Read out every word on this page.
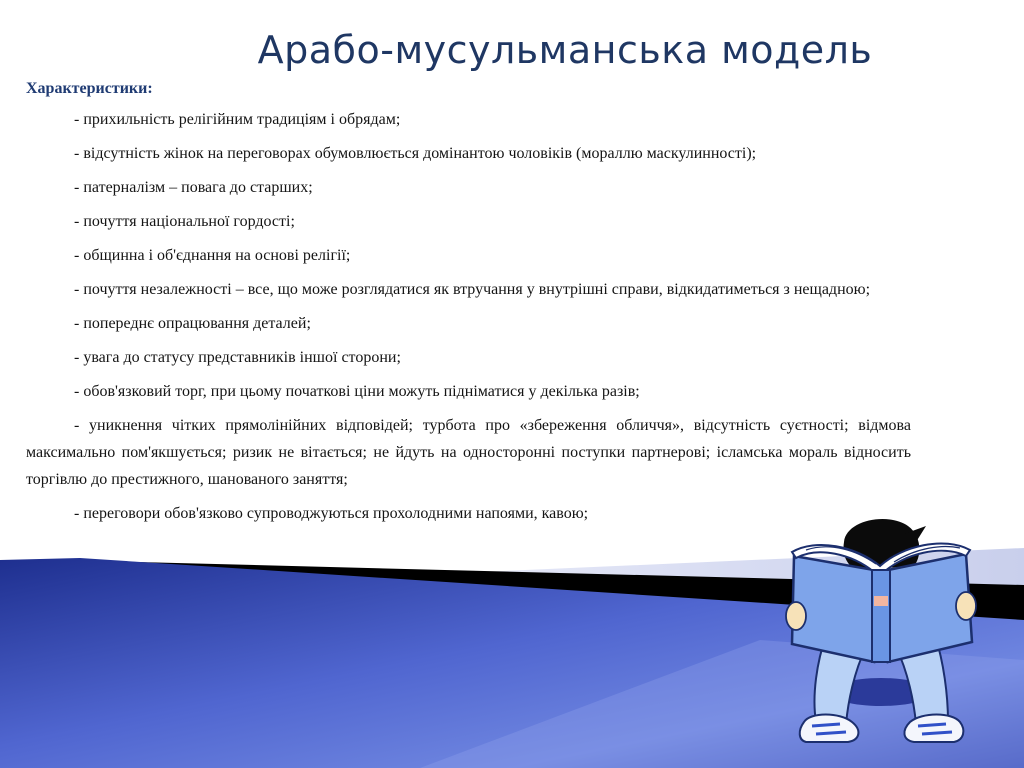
Арабо-мусульманська модель

Характеристики:

- прихильність релігійним традиціям і обрядам;
- відсутність жінок на переговорах обумовлюється домінантою чоловіків (мораллю маскулинності);
- патерналізм – повага до старших;
- почуття національної гордості;
- общинна і об'єднання на основі релігії;
- почуття незалежності – все, що може розглядатися як втручання у внутрішні справи, відкидатиметься з нещадною;
- попереднє опрацювання деталей;
- увага до статусу представників іншої сторони;
- обов'язковий торг, при цьому початкові ціни можуть підніматися у декілька разів;
- уникнення чітких прямолінійних відповідей; турбота про «збереження обличчя», відсутність суєтності; відмова максимально пом'якшується; ризик не вітається; не йдуть на односторонні поступки партнерові; ісламська мораль відносить торгівлю до престижного, шанованого заняття;
- переговори обов'язково супроводжуються прохолодними напоями, кавою;
